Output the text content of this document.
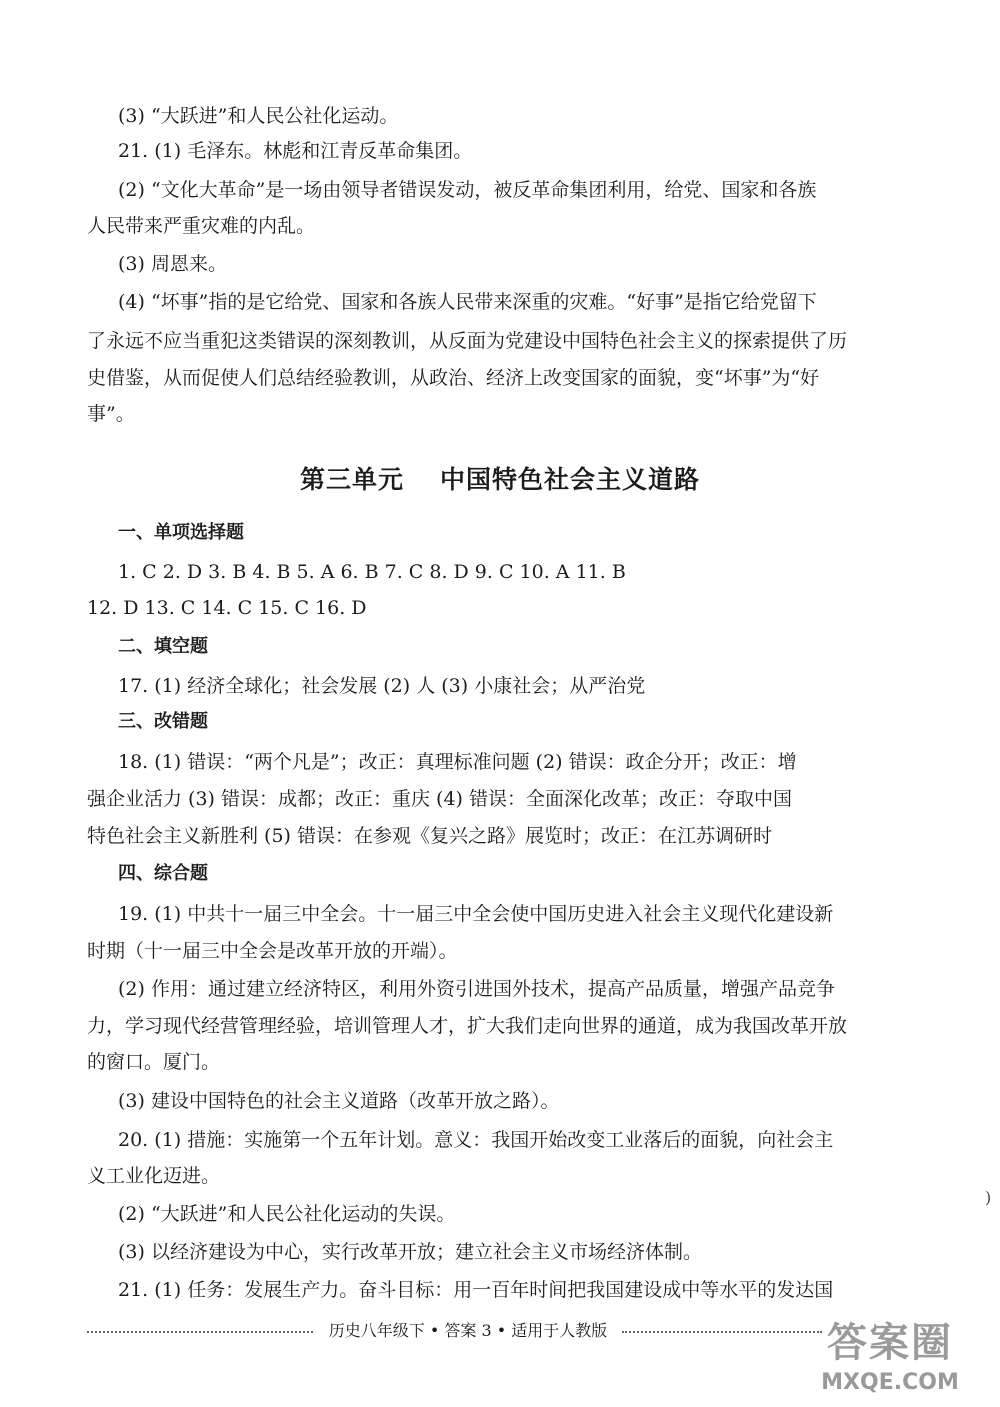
(3) “大跃进”和人民公社化运动。
21. (1) 毛泽东。林彪和江青反革命集团。
(2) “文化大革命”是一场由领导者错误发动，被反革命集团利用，给党、国家和各族
人民带来严重灾难的内乱。
(3) 周恩来。
(4) “坏事”指的是它给党、国家和各族人民带来深重的灾难。“好事”是指它给党留下
了永远不应当重犯这类错误的深刻教训，从反面为党建设中国特色社会主义的探索提供了历
史借鉴，从而促使人们总结经验教训，从政治、经济上改变国家的面貌，变“坏事”为“好
事”。
第三单元 中国特色社会主义道路
一、单项选择题
1. C 2. D 3. B 4. B 5. A 6. B 7. C 8. D 9. C 10. A 11. B
12. D 13. C 14. C 15. C 16. D
二、填空题
17. (1) 经济全球化；社会发展 (2) 人 (3) 小康社会；从严治党
三、改错题
18. (1) 错误：“两个凡是”；改正：真理标准问题 (2) 错误：政企分开；改正：增
强企业活力 (3) 错误：成都；改正：重庆 (4) 错误：全面深化改革；改正：夺取中国
特色社会主义新胜利 (5) 错误：在参观《复兴之路》展览时；改正：在江苏调研时
四、综合题
19. (1) 中共十一届三中全会。十一届三中全会使中国历史进入社会主义现代化建设新
时期（十一届三中全会是改革开放的开端）。
(2) 作用：通过建立经济特区，利用外资引进国外技术，提高产品质量，增强产品竞争
力，学习现代经营管理经验，培训管理人才，扩大我们走向世界的通道，成为我国改革开放
的窗口。厦门。
(3) 建设中国特色的社会主义道路（改革开放之路）。
20. (1) 措施：实施第一个五年计划。意义：我国开始改变工业落后的面貌，向社会主
义工业化迈进。
(2) “大跃进”和人民公社化运动的失误。
(3) 以经济建设为中心，实行改革开放；建立社会主义市场经济体制。
21. (1) 任务：发展生产力。奋斗目标：用一百年时间把我国建设成中等水平的发达国
)
历史八年级下 • 答案 3 • 适用于人教版	答案圈
MXQE.COM
